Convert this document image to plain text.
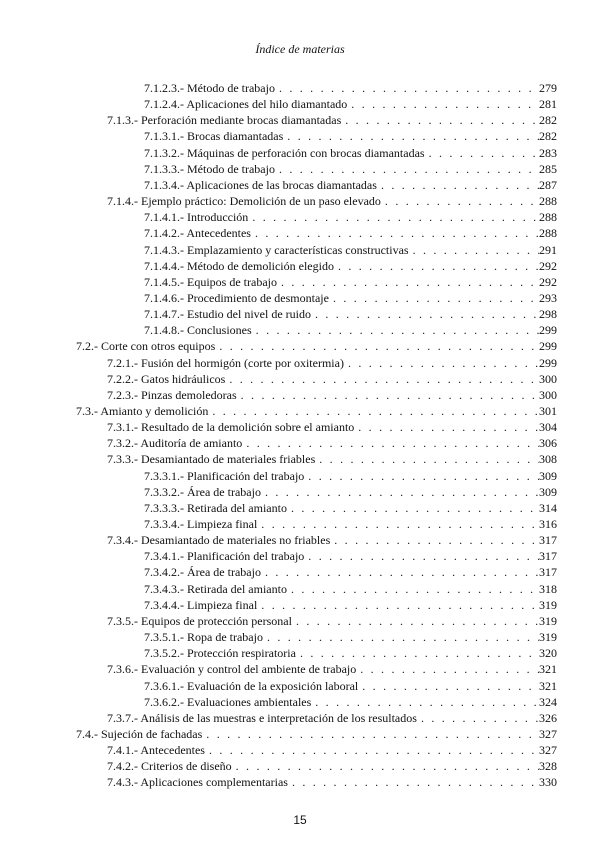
Índice de materias
7.1.2.3.- Método de trabajo . . .	279
7.1.2.4.- Aplicaciones del hilo diamantado . . .	281
7.1.3.- Perforación mediante brocas diamantadas . . .	282
7.1.3.1.- Brocas diamantadas . . .	282
7.1.3.2.- Máquinas de perforación con brocas diamantadas . . .	283
7.1.3.3.- Método de trabajo . . .	285
7.1.3.4.- Aplicaciones de las brocas diamantadas . . .	287
7.1.4.- Ejemplo práctico: Demolición de un paso elevado . . .	288
7.1.4.1.- Introducción . . .	288
7.1.4.2.- Antecedentes . . .	288
7.1.4.3.- Emplazamiento y características constructivas . . .	291
7.1.4.4.- Método de demolición elegido . . .	292
7.1.4.5.- Equipos de trabajo . . .	292
7.1.4.6.- Procedimiento de desmontaje . . .	293
7.1.4.7.- Estudio del nivel de ruido . . .	298
7.1.4.8.- Conclusiones . . .	299
7.2.- Corte con otros equipos . . .	299
7.2.1.- Fusión del hormigón (corte por oxitermia) . . .	299
7.2.2.- Gatos hidráulicos . . .	300
7.2.3.- Pinzas demoledoras . . .	300
7.3.- Amianto y demolición . . .	301
7.3.1.- Resultado de la demolición sobre el amianto . . .	304
7.3.2.- Auditoría de amianto . . .	306
7.3.3.- Desamiantado de materiales friables . . .	308
7.3.3.1.- Planificación del trabajo . . .	309
7.3.3.2.- Área de trabajo . . .	309
7.3.3.3.- Retirada del amianto . . .	314
7.3.3.4.- Limpieza final . . .	316
7.3.4.- Desamiantado de materiales no friables . . .	317
7.3.4.1.- Planificación del trabajo . . .	317
7.3.4.2.- Área de trabajo . . .	317
7.3.4.3.- Retirada del amianto . . .	318
7.3.4.4.- Limpieza final . . .	319
7.3.5.- Equipos de protección personal . . .	319
7.3.5.1.- Ropa de trabajo . . .	319
7.3.5.2.- Protección respiratoria . . .	320
7.3.6.- Evaluación y control del ambiente de trabajo . . .	321
7.3.6.1.- Evaluación de la exposición laboral . . .	321
7.3.6.2.- Evaluaciones ambientales . . .	324
7.3.7.- Análisis de las muestras e interpretación de los resultados . . .	326
7.4.- Sujeción de fachadas . . .	327
7.4.1.- Antecedentes . . .	327
7.4.2.- Criterios de diseño . . .	328
7.4.3.- Aplicaciones complementarias . . .	330
15
